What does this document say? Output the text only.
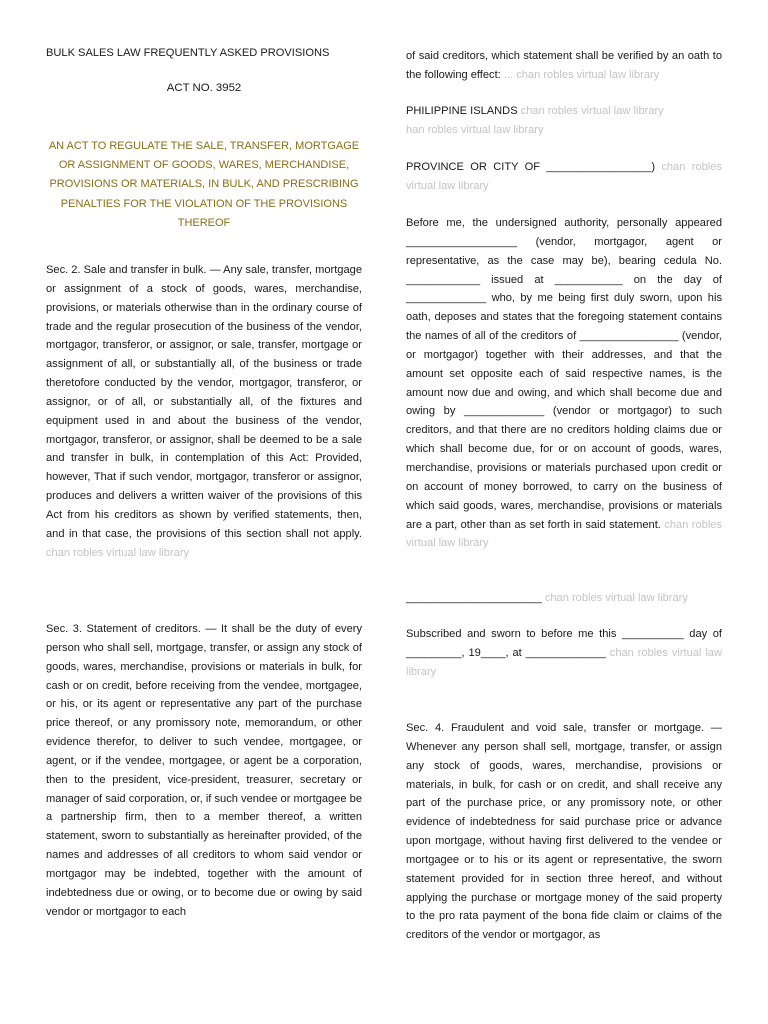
BULK SALES LAW FREQUENTLY ASKED PROVISIONS
ACT NO. 3952
AN ACT TO REGULATE THE SALE, TRANSFER, MORTGAGE OR ASSIGNMENT OF GOODS, WARES, MERCHANDISE, PROVISIONS OR MATERIALS, IN BULK, AND PRESCRIBING PENALTIES FOR THE VIOLATION OF THE PROVISIONS THEREOF

Sec. 2. Sale and transfer in bulk. — Any sale, transfer, mortgage or assignment of a stock of goods, wares, merchandise, provisions, or materials otherwise than in the ordinary course of trade and the regular prosecution of the business of the vendor, mortgagor, transferor, or assignor, or sale, transfer, mortgage or assignment of all, or substantially all, of the business or trade theretofore conducted by the vendor, mortgagor, transferor, or assignor, or of all, or substantially all, of the fixtures and equipment used in and about the business of the vendor, mortgagor, transferor, or assignor, shall be deemed to be a sale and transfer in bulk, in contemplation of this Act: Provided, however, That if such vendor, mortgagor, transferor or assignor, produces and delivers a written waiver of the provisions of this Act from his creditors as shown by verified statements, then, and in that case, the provisions of this section shall not apply. chan robles virtual law library

Sec. 3. Statement of creditors. — It shall be the duty of every person who shall sell, mortgage, transfer, or assign any stock of goods, wares, merchandise, provisions or materials in bulk, for cash or on credit, before receiving from the vendee, mortgagee, or his, or its agent or representative any part of the purchase price thereof, or any promissory note, memorandum, or other evidence therefor, to deliver to such vendee, mortgagee, or agent, or if the vendee, mortgagee, or agent be a corporation, then to the president, vice-president, treasurer, secretary or manager of said corporation, or, if such vendee or mortgagee be a partnership firm, then to a member thereof, a written statement, sworn to substantially as hereinafter provided, of the names and addresses of all creditors to whom said vendor or mortgagor may be indebted, together with the amount of indebtedness due or owing, or to become due or owing by said vendor or mortgagor to each

of said creditors, which statement shall be verified by an oath to the following effect: ... chan robles virtual law library

PHILIPPINE ISLANDS chan robles virtual law library
han robles virtual law library

PROVINCE OR CITY OF _________________) chan robles virtual law library

Before me, the undersigned authority, personally appeared __________________ (vendor, mortgagor, agent or representative, as the case may be), bearing cedula No. ____________ issued at ___________ on the day of _____________ who, by me being first duly sworn, upon his oath, deposes and states that the foregoing statement contains the names of all of the creditors of ________________ (vendor, or mortgagor) together with their addresses, and that the amount set opposite each of said respective names, is the amount now due and owing, and which shall become due and owing by _____________ (vendor or mortgagor) to such creditors, and that there are no creditors holding claims due or which shall become due, for or on account of goods, wares, merchandise, provisions or materials purchased upon credit or on account of money borrowed, to carry on the business of which said goods, wares, merchandise, provisions or materials are a part, other than as set forth in said statement. chan robles virtual law library

______________________ chan robles virtual law library

Subscribed and sworn to before me this __________ day of _________, 19____, at _____________ chan robles virtual law library

Sec. 4. Fraudulent and void sale, transfer or mortgage. — Whenever any person shall sell, mortgage, transfer, or assign any stock of goods, wares, merchandise, provisions or materials, in bulk, for cash or on credit, and shall receive any part of the purchase price, or any promissory note, or other evidence of indebtedness for said purchase price or advance upon mortgage, without having first delivered to the vendee or mortgagee or to his or its agent or representative, the sworn statement provided for in section three hereof, and without applying the purchase or mortgage money of the said property to the pro rata payment of the bona fide claim or claims of the creditors of the vendor or mortgagor, as
